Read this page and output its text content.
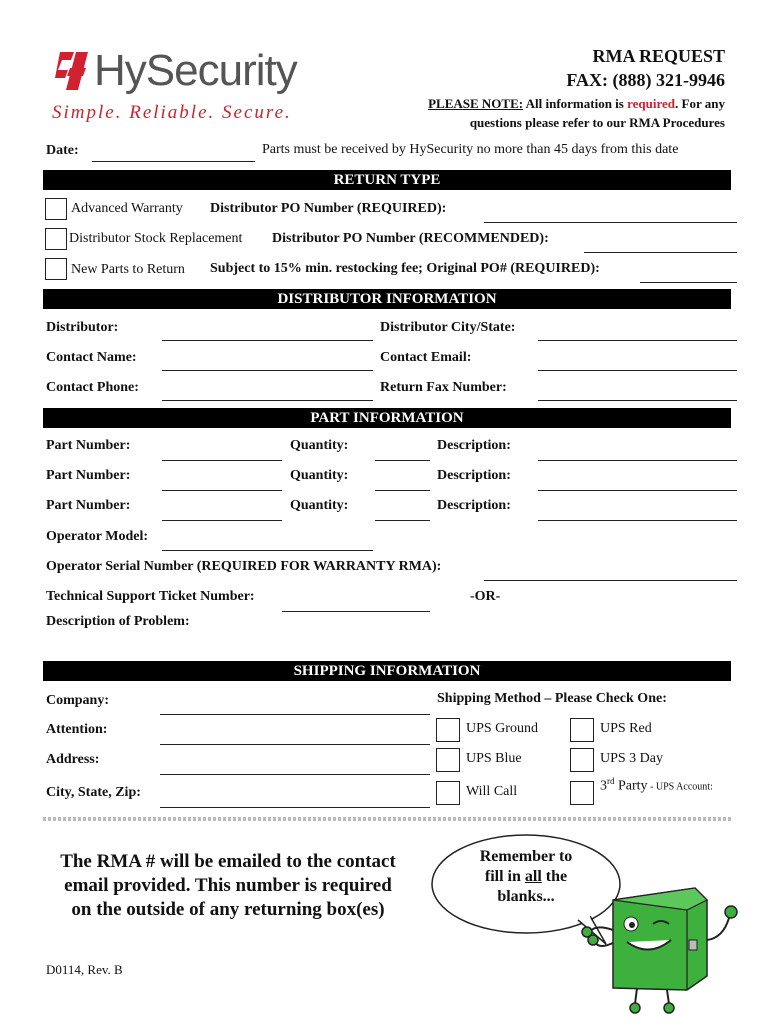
HySecurity
Simple. Reliable. Secure.
RMA REQUEST
FAX: (888) 321-9946
PLEASE NOTE: All information is required. For any
questions please refer to our RMA Procedures
Date:	Parts must be received by HySecurity no more than 45 days from this date
RETURN TYPE
Advanced Warranty Distributor PO Number (REQUIRED):
Distributor Stock Replacement Distributor PO Number (RECOMMENDED):
New Parts to Return Subject to 15% min. restocking fee; Original PO# (REQUIRED):
DISTRIBUTOR INFORMATION
Distributor:	Distributor City/State:
Contact Name:	Contact Email:
Contact Phone:	Return Fax Number:
PART INFORMATION
Part Number:	Quantity:	Description:
Part Number:	Quantity:	Description:
Part Number:	Quantity:	Description:
Operator Model:
Operator Serial Number (REQUIRED FOR WARRANTY RMA):
Technical Support Ticket Number:	-OR-
Description of Problem:
SHIPPING INFORMATION
Company:	Shipping Method – Please Check One:
Attention:
Address:
City, State, Zip:
UPS Ground	UPS Red
UPS Blue	UPS 3 Day
Will Call	3rd Party - UPS Account:
The RMA # will be emailed to the contact
email provided. This number is required
on the outside of any returning box(es)
Remember to
fill in all the
blanks...
D0114, Rev. B
